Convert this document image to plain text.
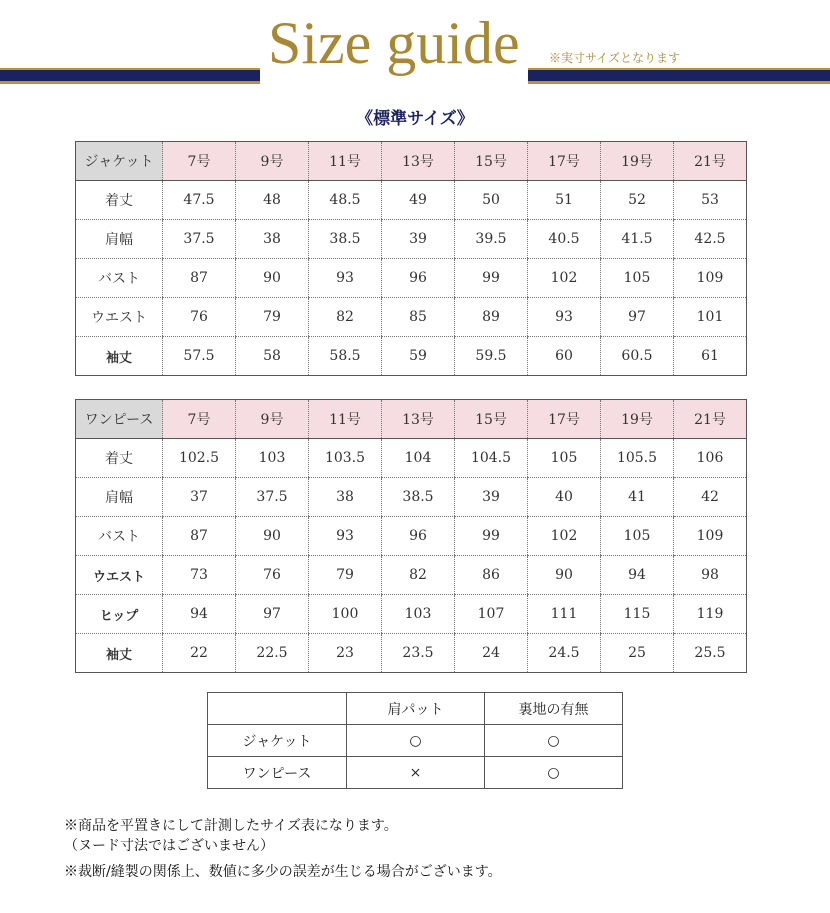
Size guide	※実寸サイズとなります
《標準サイズ》
ジャケット	7号	9号	11号	13号	15号	17号	19号	21号
着丈	47.5	48	48.5	49	50	51	52	53
肩幅	37.5	38	38.5	39	39.5	40.5	41.5	42.5
バスト	87	90	93	96	99	102	105	109
ウエスト	76	79	82	85	89	93	97	101
袖丈	57.5	58	58.5	59	59.5	60	60.5	61
ワンピース	7号	9号	11号	13号	15号	17号	19号	21号
着丈	102.5	103	103.5	104	104.5	105	105.5	106
肩幅	37	37.5	38	38.5	39	40	41	42
バスト	87	90	93	96	99	102	105	109
ウエスト	73	76	79	82	86	90	94	98
ヒップ	94	97	100	103	107	111	115	119
袖丈	22	22.5	23	23.5	24	24.5	25	25.5
	肩パット	裏地の有無
ジャケット	○	○
ワンピース	×	○
※商品を平置きにして計測したサイズ表になります。
（ヌード寸法ではございません）
※裁断/縫製の関係上、数値に多少の誤差が生じる場合がございます。
